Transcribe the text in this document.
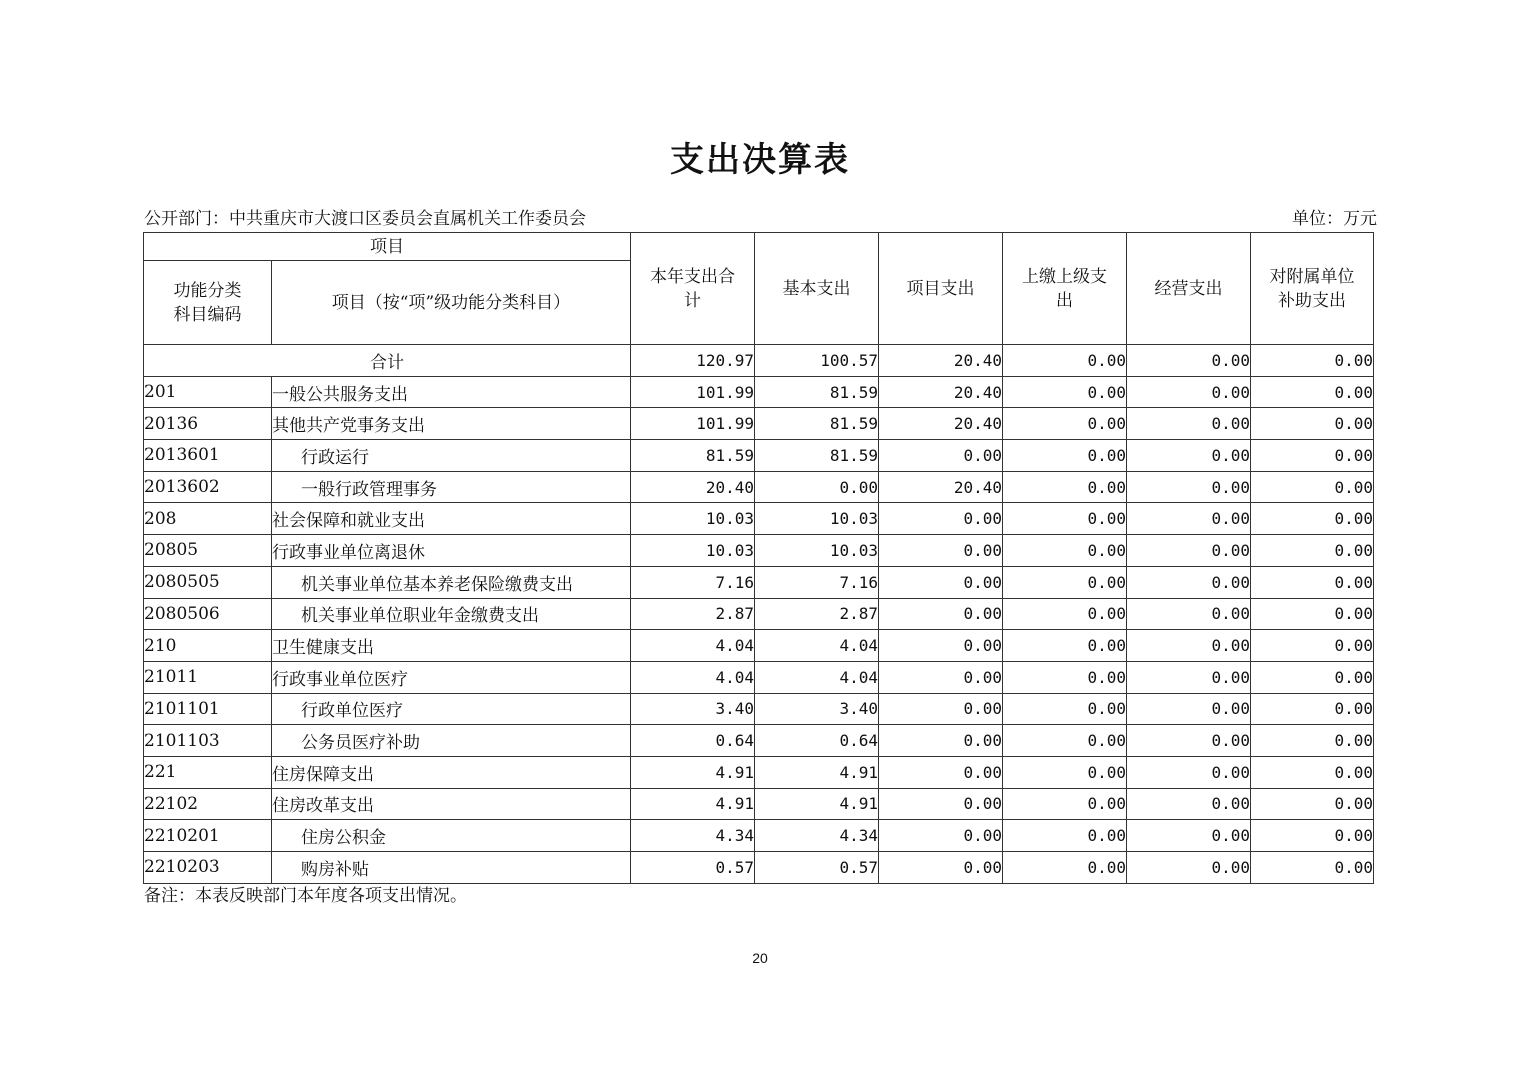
支出决算表
公开部门：中共重庆市大渡口区委员会直属机关工作委员会	单位：万元
项目		本年支出合计	基本支出	项目支出	上缴上级支出	经营支出	对附属单位补助支出
功能分类科目编码	项目（按“项”级功能分类科目）						
合计		120.97	100.57	20.40	0.00	0.00	0.00
201	一般公共服务支出	101.99	81.59	20.40	0.00	0.00	0.00
20136	其他共产党事务支出	101.99	81.59	20.40	0.00	0.00	0.00
2013601	行政运行	81.59	81.59	0.00	0.00	0.00	0.00
2013602	一般行政管理事务	20.40	0.00	20.40	0.00	0.00	0.00
208	社会保障和就业支出	10.03	10.03	0.00	0.00	0.00	0.00
20805	行政事业单位离退休	10.03	10.03	0.00	0.00	0.00	0.00
2080505	机关事业单位基本养老保险缴费支出	7.16	7.16	0.00	0.00	0.00	0.00
2080506	机关事业单位职业年金缴费支出	2.87	2.87	0.00	0.00	0.00	0.00
210	卫生健康支出	4.04	4.04	0.00	0.00	0.00	0.00
21011	行政事业单位医疗	4.04	4.04	0.00	0.00	0.00	0.00
2101101	行政单位医疗	3.40	3.40	0.00	0.00	0.00	0.00
2101103	公务员医疗补助	0.64	0.64	0.00	0.00	0.00	0.00
221	住房保障支出	4.91	4.91	0.00	0.00	0.00	0.00
22102	住房改革支出	4.91	4.91	0.00	0.00	0.00	0.00
2210201	住房公积金	4.34	4.34	0.00	0.00	0.00	0.00
2210203	购房补贴	0.57	0.57	0.00	0.00	0.00	0.00
备注：本表反映部门本年度各项支出情况。
20
